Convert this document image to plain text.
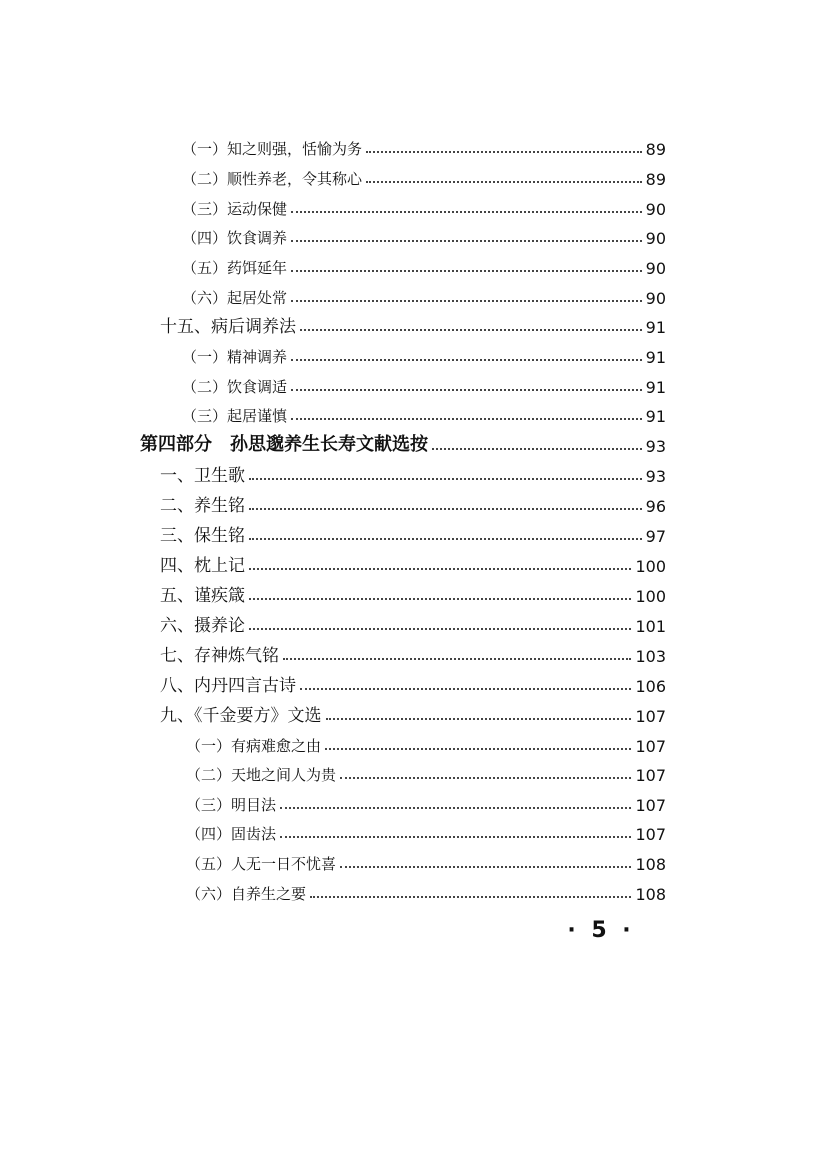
（一）知之则强，恬愉为务	89
（二）顺性养老，令其称心	89
（三）运动保健	90
（四）饮食调养	90
（五）药饵延年	90
（六）起居处常	90
十五、病后调养法	91
（一）精神调养	91
（二）饮食调适	91
（三）起居谨慎	91
第四部分　孙思邈养生长寿文献选按	93
一、卫生歌	93
二、养生铭	96
三、保生铭	97
四、枕上记	100
五、谨疾箴	100
六、摄养论	101
七、存神炼气铭	103
八、内丹四言古诗	106
九、《千金要方》文选	107
（一）有病难愈之由	107
（二）天地之间人为贵	107
（三）明目法	107
（四）固齿法	107
（五）人无一日不忧喜	108
（六）自养生之要	108
· 5 ·
